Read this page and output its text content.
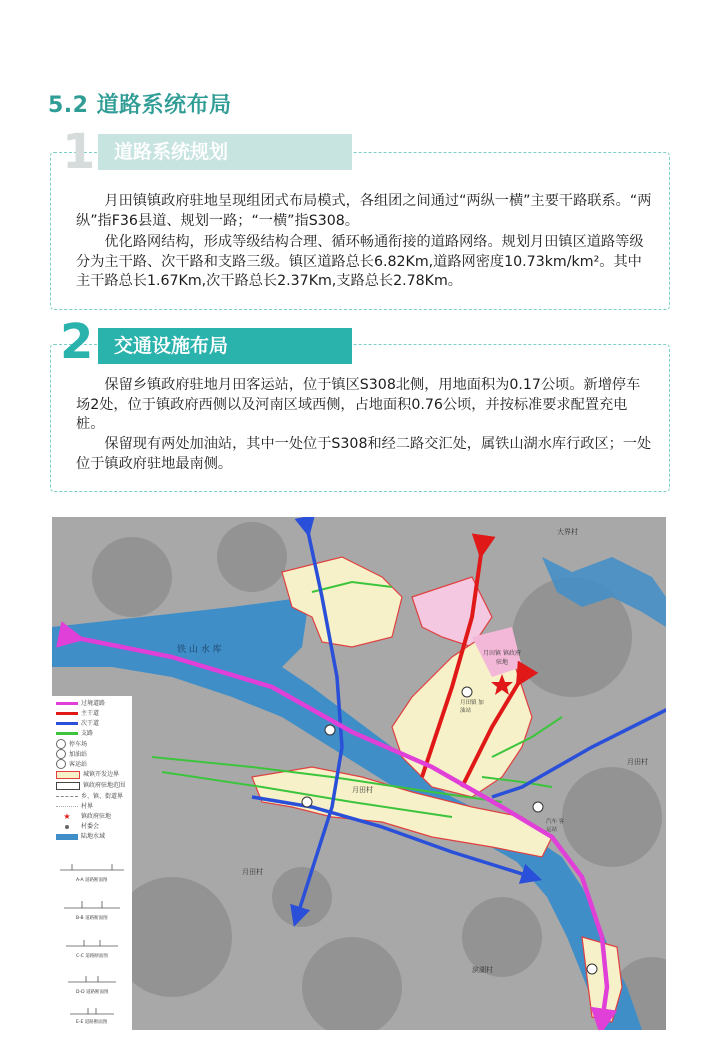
5.2 道路系统布局
1 道路系统规划
月田镇镇政府驻地呈现组团式布局模式，各组团之间通过“两纵一横”主要干路联系。“两纵”指F36县道、规划一路；“一横”指S308。
优化路网结构，形成等级结构合理、循环畅通衔接的道路网络。规划月田镇区道路等级分为主干路、次干路和支路三级。镇区道路总长6.82Km,道路网密度10.73km/km²。其中主干路总长1.67Km,次干路总长2.37Km,支路总长2.78Km。
2	交通设施布局
保留乡镇政府驻地月田客运站，位于镇区S308北侧，用地面积为0.17公顷。新增停车场2处，位于镇政府西侧以及河南区域西侧，占地面积0.76公顷，并按标准要求配置充电桩。
保留现有两处加油站，其中一处位于S308和经二路交汇处，属铁山湖水库行政区；一处位于镇政府驻地最南侧。
铁 山 水 库
大界村
月田村
月田村
月田村
滨湖村
月田镇 镇政府驻地
汽车 客运站
月田镇 加油站
过境道路
主干道
次干道
支路
停车场
加油站
客运站
城镇开发边界
镇政府驻地范围
乡、镇、街道界
村界
★ 镇政府驻地
村委会
陆地水域
A-A 道路断面图
B-B 道路断面图
C-C 道路断面图
D-D 道路断面图
E-E 道路断面图
